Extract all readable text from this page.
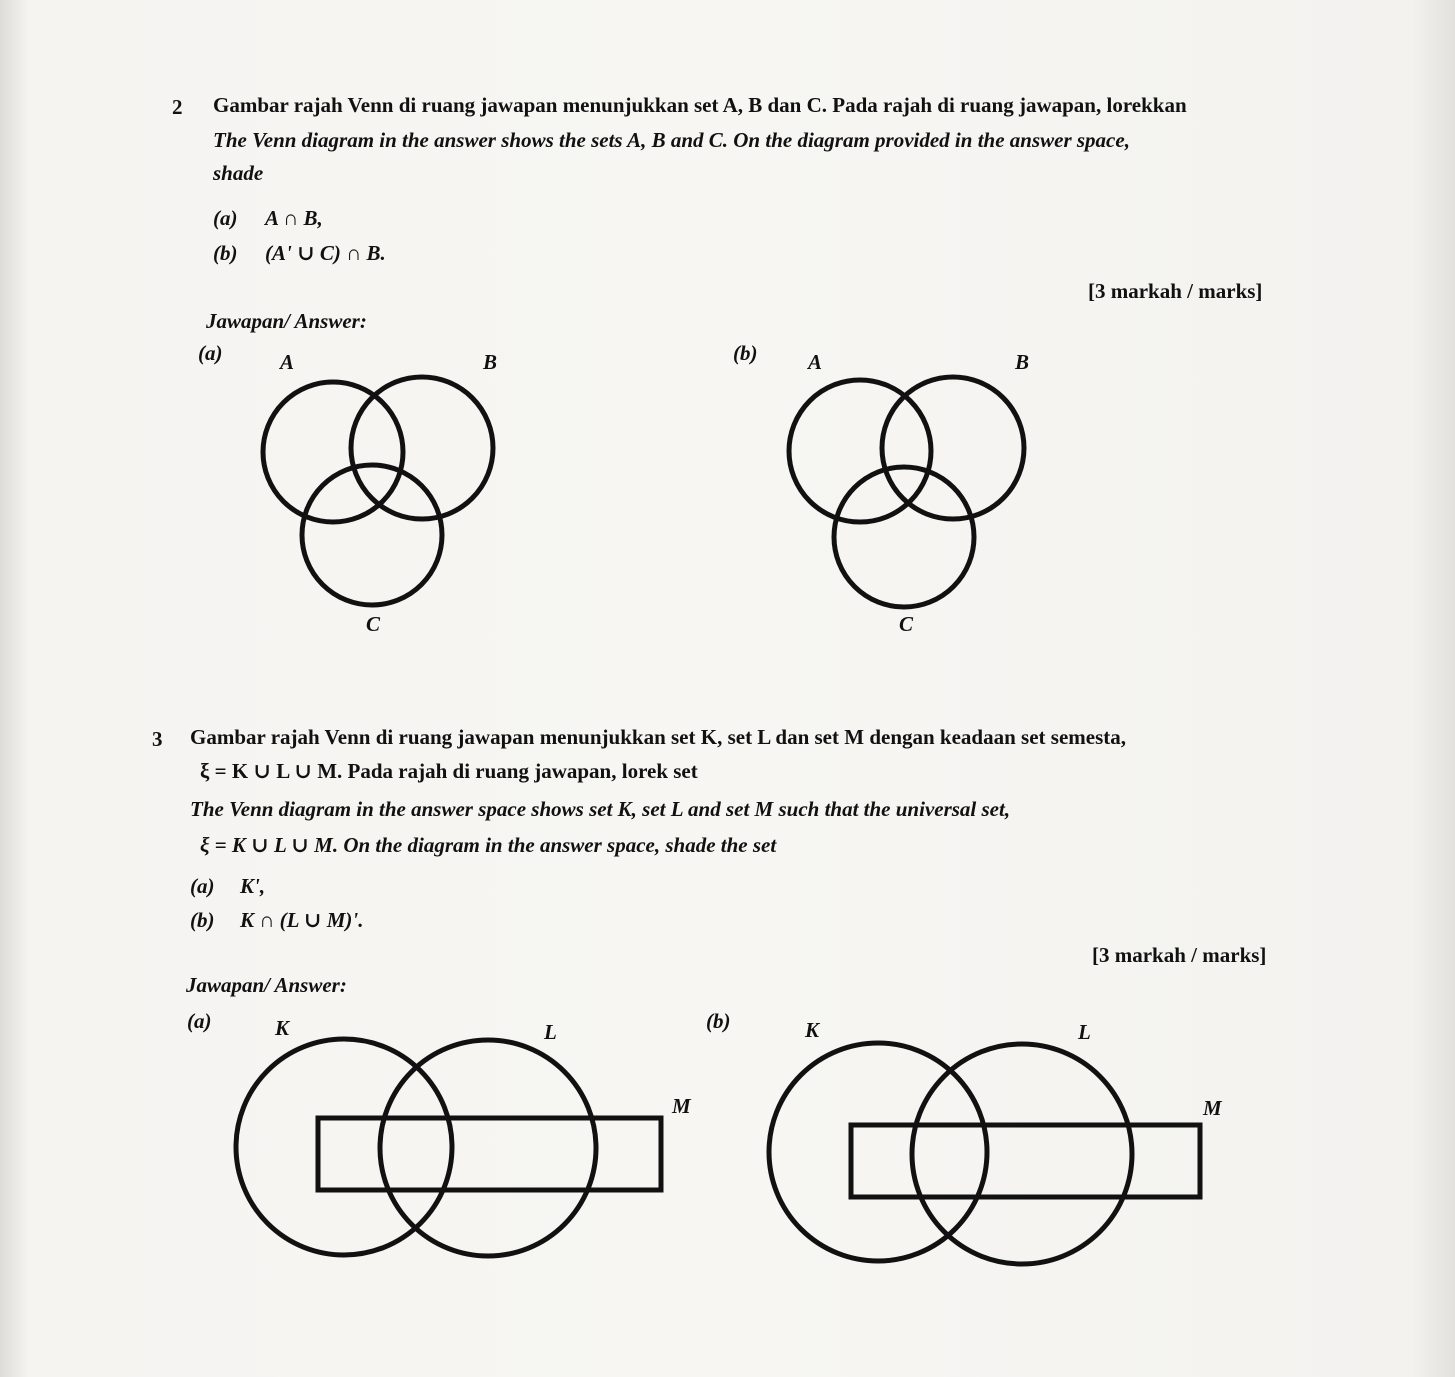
2 Gambar rajah Venn di ruang jawapan menunjukkan set A, B dan C. Pada rajah di ruang jawapan, lorekkan
The Venn diagram in the answer shows the sets A, B and C. On the diagram provided in the answer space,
shade
(a) A ∩ B,
(b) (A' ∪ C) ∩ B.
[3 markah / marks]
Jawapan/ Answer:
(a)	A	B
C
(b) A	B
C
3 Gambar rajah Venn di ruang jawapan menunjukkan set K, set L dan set M dengan keadaan set semesta,
ξ = K ∪ L ∪ M. Pada rajah di ruang jawapan, lorek set
The Venn diagram in the answer space shows set K, set L and set M such that the universal set,
ξ = K ∪ L ∪ M. On the diagram in the answer space, shade the set
(a) K',
(b) K ∩ (L ∪ M)'.
[3 markah / marks]
Jawapan/ Answer:
(a)	K	L
M
(b)	K	L
M
